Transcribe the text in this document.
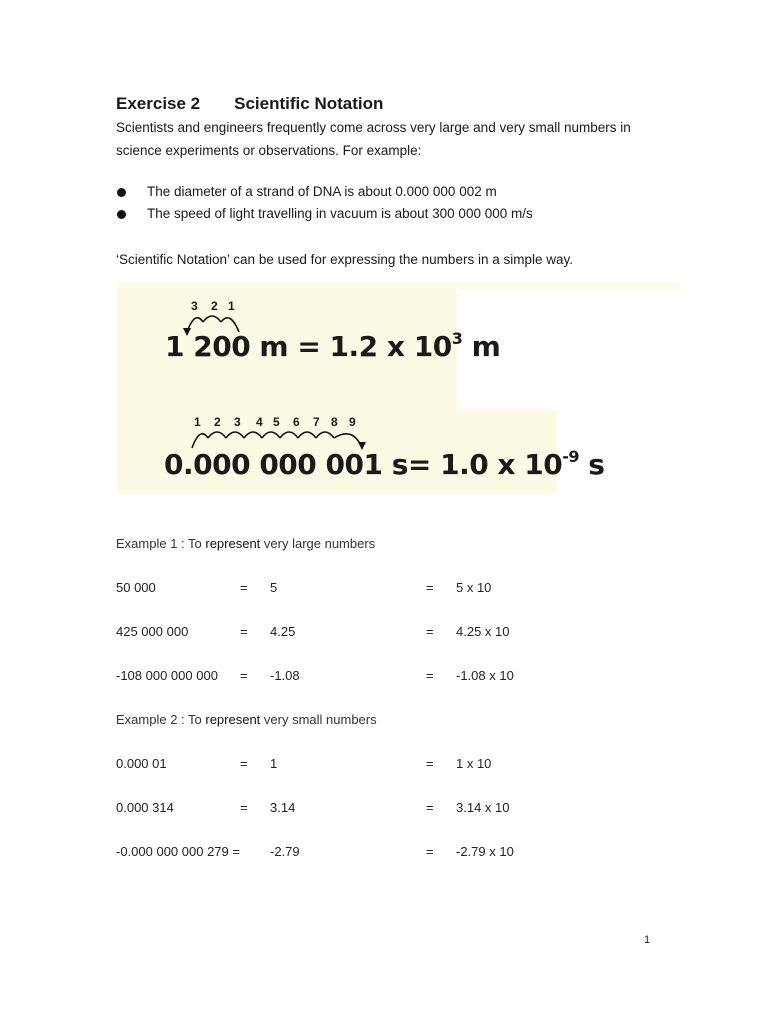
Exercise 2 Scientific Notation
Scientists and engineers frequently come across very large and very small numbers in
science experiments or observations. For example:
The diameter of a strand of DNA is about 0.000 000 002 m
The speed of light travelling in vacuum is about 300 000 000 m/s
‘Scientific Notation’ can be used for expressing the numbers in a simple way.
3 2 1
1 200 m = 1.2 x $10^3$ m
1 2 3 4 5 6 7 8 9
0.000 000 001 s= 1.0 x $10^{-9}$ s
Example 1 : To represent very large numbers
50 000	= 5	= 5 x 10
425 000 000	= 4.25	= 4.25 x 10
-108 000 000 000 = -1.08	= -1.08 x 10
Example 2 : To represent very small numbers
0.000 01	= 1	= 1 x 10
0.000 314	= 3.14	= 3.14 x 10
-0.000 000 000 279 = -2.79	= -2.79 x 10
1
